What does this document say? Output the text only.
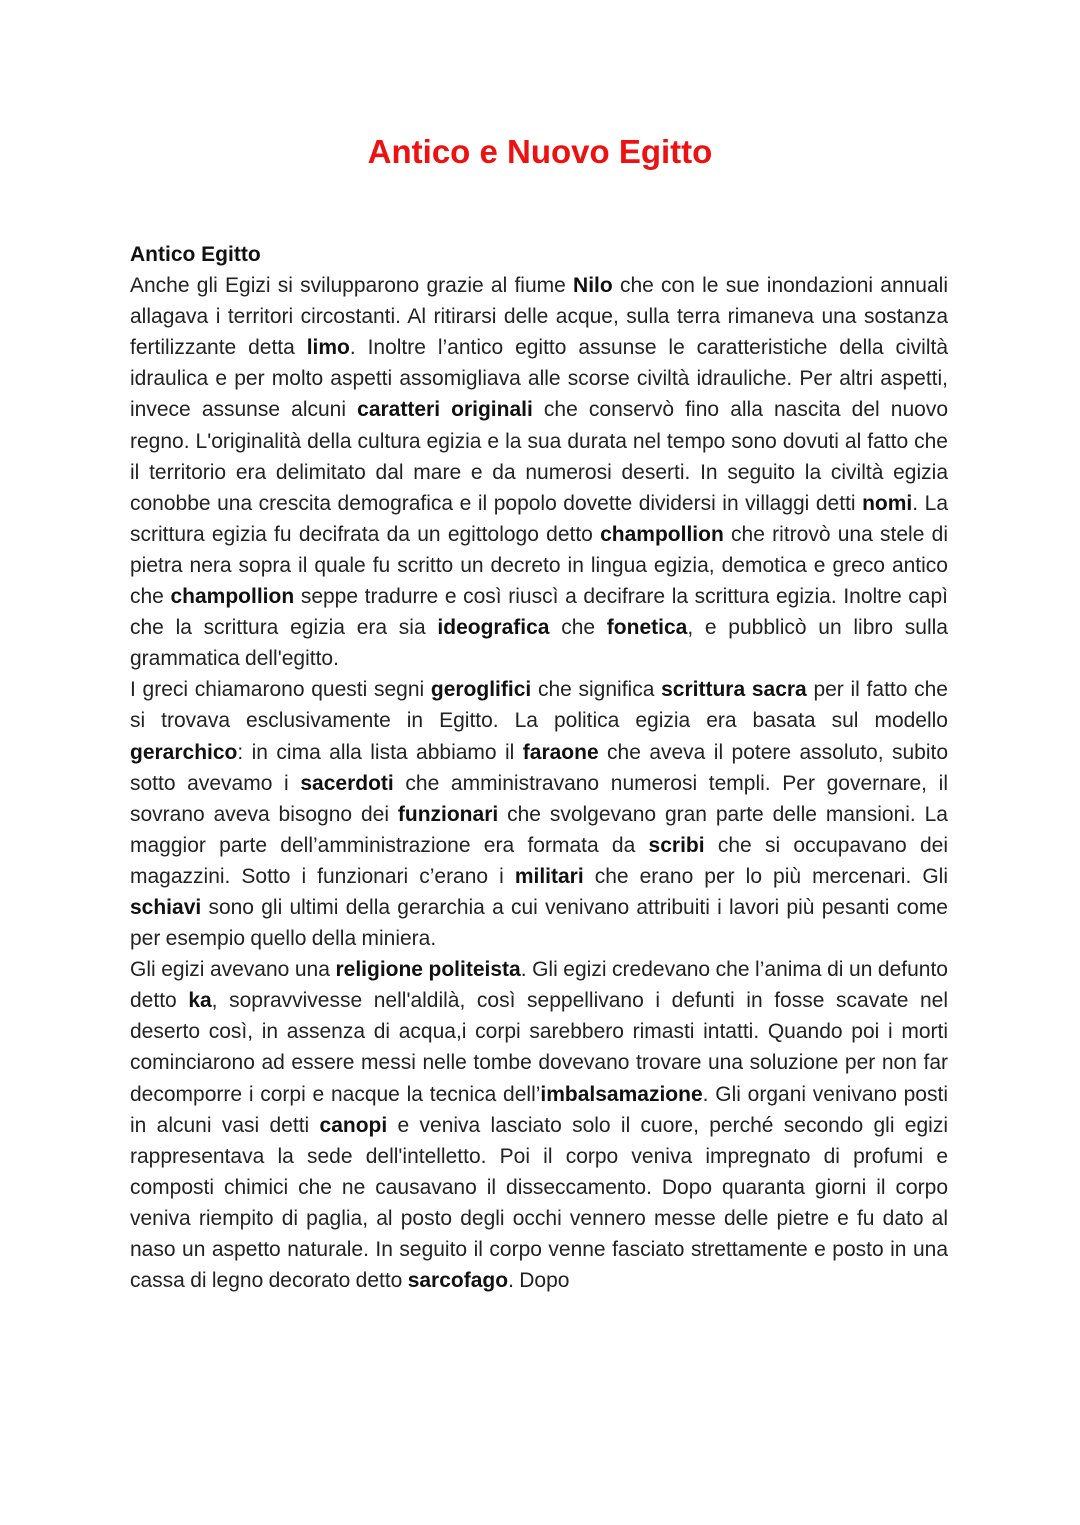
Antico e Nuovo Egitto
Antico Egitto

Anche gli Egizi si svilupparono grazie al fiume Nilo che con le sue inondazioni annuali allagava i territori circostanti. Al ritirarsi delle acque, sulla terra rimaneva una sostanza fertilizzante detta limo. Inoltre l’antico egitto assunse le caratteristiche della civiltà idraulica e per molto aspetti assomigliava alle scorse civiltà idrauliche. Per altri aspetti, invece assunse alcuni caratteri originali che conservò fino alla nascita del nuovo regno. L'originalità della cultura egizia e la sua durata nel tempo sono dovuti al fatto che il territorio era delimitato dal mare e da numerosi deserti. In seguito la civiltà egizia conobbe una crescita demografica e il popolo dovette dividersi in villaggi detti nomi. La scrittura egizia fu decifrata da un egittologo detto champollion che ritrovò una stele di pietra nera sopra il quale fu scritto un decreto in lingua egizia, demotica e greco antico che champollion seppe tradurre e così riuscì a decifrare la scrittura egizia. Inoltre capì che la scrittura egizia era sia ideografica che fonetica, e pubblicò un libro sulla grammatica dell'egitto.

I greci chiamarono questi segni geroglifici che significa scrittura sacra per il fatto che si trovava esclusivamente in Egitto. La politica egizia era basata sul modello gerarchico: in cima alla lista abbiamo il faraone che aveva il potere assoluto, subito sotto avevamo i sacerdoti che amministravano numerosi templi. Per governare, il sovrano aveva bisogno dei funzionari che svolgevano gran parte delle mansioni. La maggior parte dell’amministrazione era formata da scribi che si occupavano dei magazzini. Sotto i funzionari c’erano i militari che erano per lo più mercenari. Gli schiavi sono gli ultimi della gerarchia a cui venivano attribuiti i lavori più pesanti come per esempio quello della miniera.

Gli egizi avevano una religione politeista. Gli egizi credevano che l’anima di un defunto detto ka, sopravvivesse nell'aldilà, così seppellivano i defunti in fosse scavate nel deserto così, in assenza di acqua,i corpi sarebbero rimasti intatti. Quando poi i morti cominciarono ad essere messi nelle tombe dovevano trovare una soluzione per non far decomporre i corpi e nacque la tecnica dell’imbalsamazione. Gli organi venivano posti in alcuni vasi detti canopi e veniva lasciato solo il cuore, perché secondo gli egizi rappresentava la sede dell'intelletto. Poi il corpo veniva impregnato di profumi e composti chimici che ne causavano il disseccamento. Dopo quaranta giorni il corpo veniva riempito di paglia, al posto degli occhi vennero messe delle pietre e fu dato al naso un aspetto naturale. In seguito il corpo venne fasciato strettamente e posto in una cassa di legno decorato detto sarcofago. Dopo
